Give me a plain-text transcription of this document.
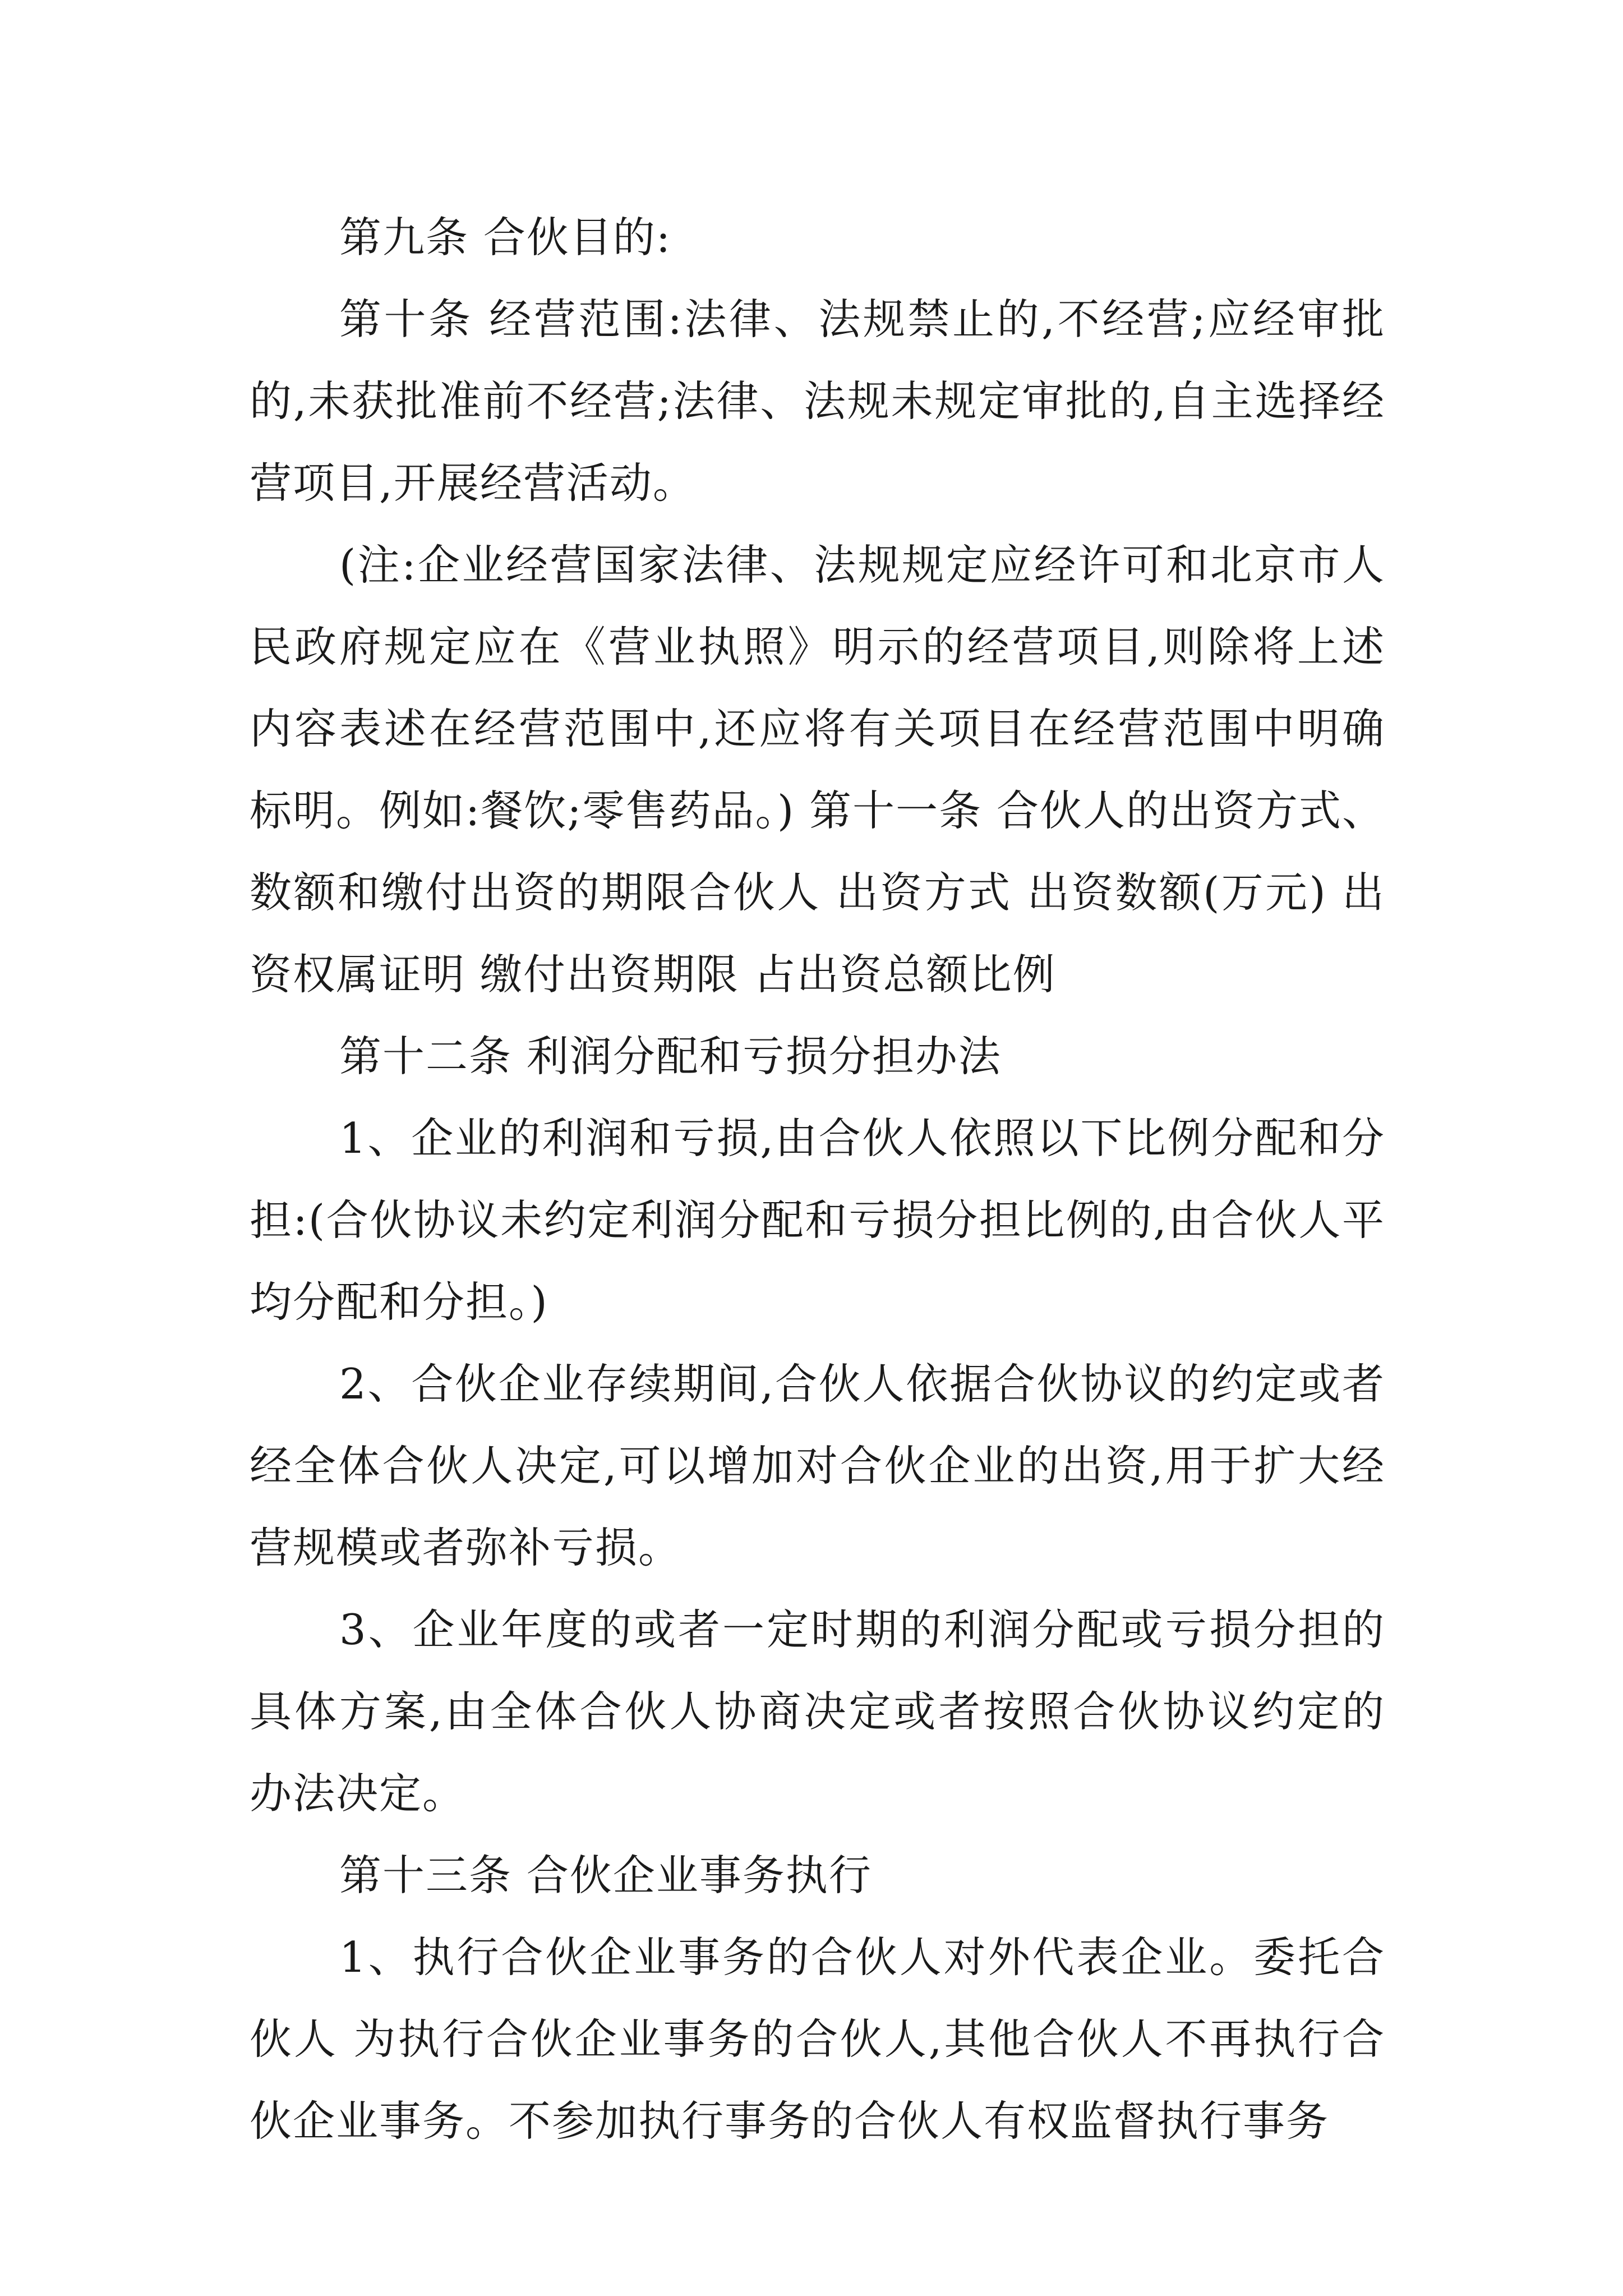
第九条 合伙目的:

第十条 经营范围:法律、法规禁止的,不经营;应经审批的,未获批准前不经营;法律、法规未规定审批的,自主选择经营项目,开展经营活动。

(注:企业经营国家法律、法规规定应经许可和北京市人民政府规定应在《营业执照》明示的经营项目,则除将上述内容表述在经营范围中,还应将有关项目在经营范围中明确标明。例如:餐饮;零售药品。) 第十一条 合伙人的出资方式、数额和缴付出资的期限合伙人 出资方式 出资数额(万元) 出资权属证明 缴付出资期限 占出资总额比例

第十二条 利润分配和亏损分担办法

1、企业的利润和亏损,由合伙人依照以下比例分配和分担:(合伙协议未约定利润分配和亏损分担比例的,由合伙人平均分配和分担。)

2、合伙企业存续期间,合伙人依据合伙协议的约定或者经全体合伙人决定,可以增加对合伙企业的出资,用于扩大经营规模或者弥补亏损。

3、企业年度的或者一定时期的利润分配或亏损分担的具体方案,由全体合伙人协商决定或者按照合伙协议约定的办法决定。

第十三条 合伙企业事务执行

1、执行合伙企业事务的合伙人对外代表企业。委托合伙人 为执行合伙企业事务的合伙人,其他合伙人不再执行合伙企业事务。不参加执行事务的合伙人有权监督执行事务
